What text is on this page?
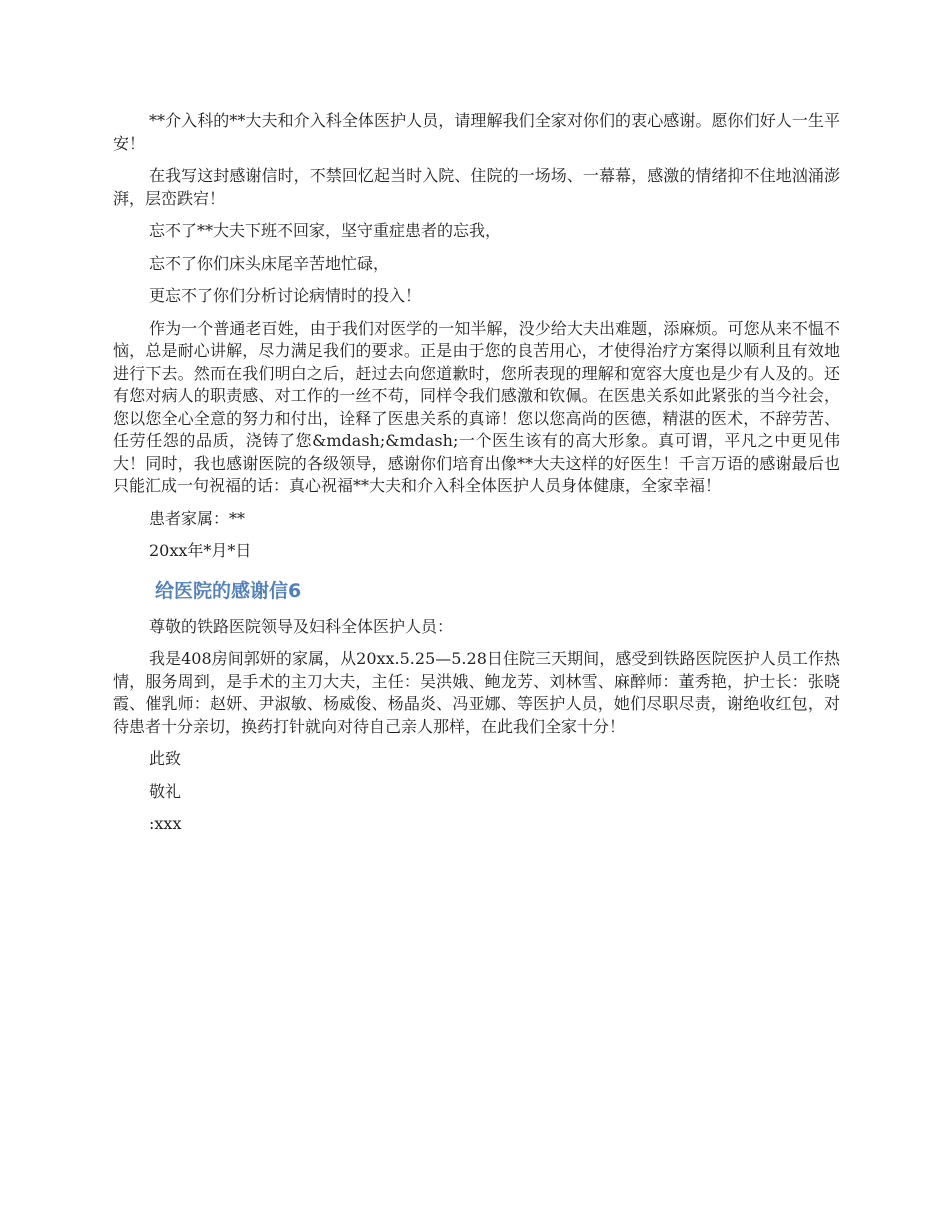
**介入科的**大夫和介入科全体医护人员，请理解我们全家对你们的衷心感谢。愿你们好人一生平安！

在我写这封感谢信时，不禁回忆起当时入院、住院的一场场、一幕幕，感激的情绪抑不住地汹涌澎湃，层峦跌宕！

忘不了**大夫下班不回家，坚守重症患者的忘我，

忘不了你们床头床尾辛苦地忙碌，

更忘不了你们分析讨论病情时的投入！

作为一个普通老百姓，由于我们对医学的一知半解，没少给大夫出难题，添麻烦。可您从来不愠不恼，总是耐心讲解，尽力满足我们的要求。正是由于您的良苦用心，才使得治疗方案得以顺利且有效地进行下去。然而在我们明白之后，赶过去向您道歉时，您所表现的理解和宽容大度也是少有人及的。还有您对病人的职责感、对工作的一丝不苟，同样令我们感激和钦佩。在医患关系如此紧张的当今社会，您以您全心全意的努力和付出，诠释了医患关系的真谛！您以您高尚的医德，精湛的医术，不辞劳苦、任劳任怨的品质，浇铸了您&mdash;&mdash;一个医生该有的高大形象。真可谓，平凡之中更见伟大！同时，我也感谢医院的各级领导，感谢你们培育出像**大夫这样的好医生！千言万语的感谢最后也只能汇成一句祝福的话：真心祝福**大夫和介入科全体医护人员身体健康，全家幸福！

患者家属：**

20xx年*月*日

给医院的感谢信6

尊敬的铁路医院领导及妇科全体医护人员：

我是408房间郭妍的家属，从20xx.5.25—5.28日住院三天期间，感受到铁路医院医护人员工作热情，服务周到，是手术的主刀大夫，主任：吴洪娥、鲍龙芳、刘林雪、麻醉师：董秀艳，护士长：张晓霞、催乳师：赵妍、尹淑敏、杨威俊、杨晶炎、冯亚娜、等医护人员，她们尽职尽责，谢绝收红包，对待患者十分亲切，换药打针就向对待自己亲人那样，在此我们全家十分！

此致

敬礼

:xxx
